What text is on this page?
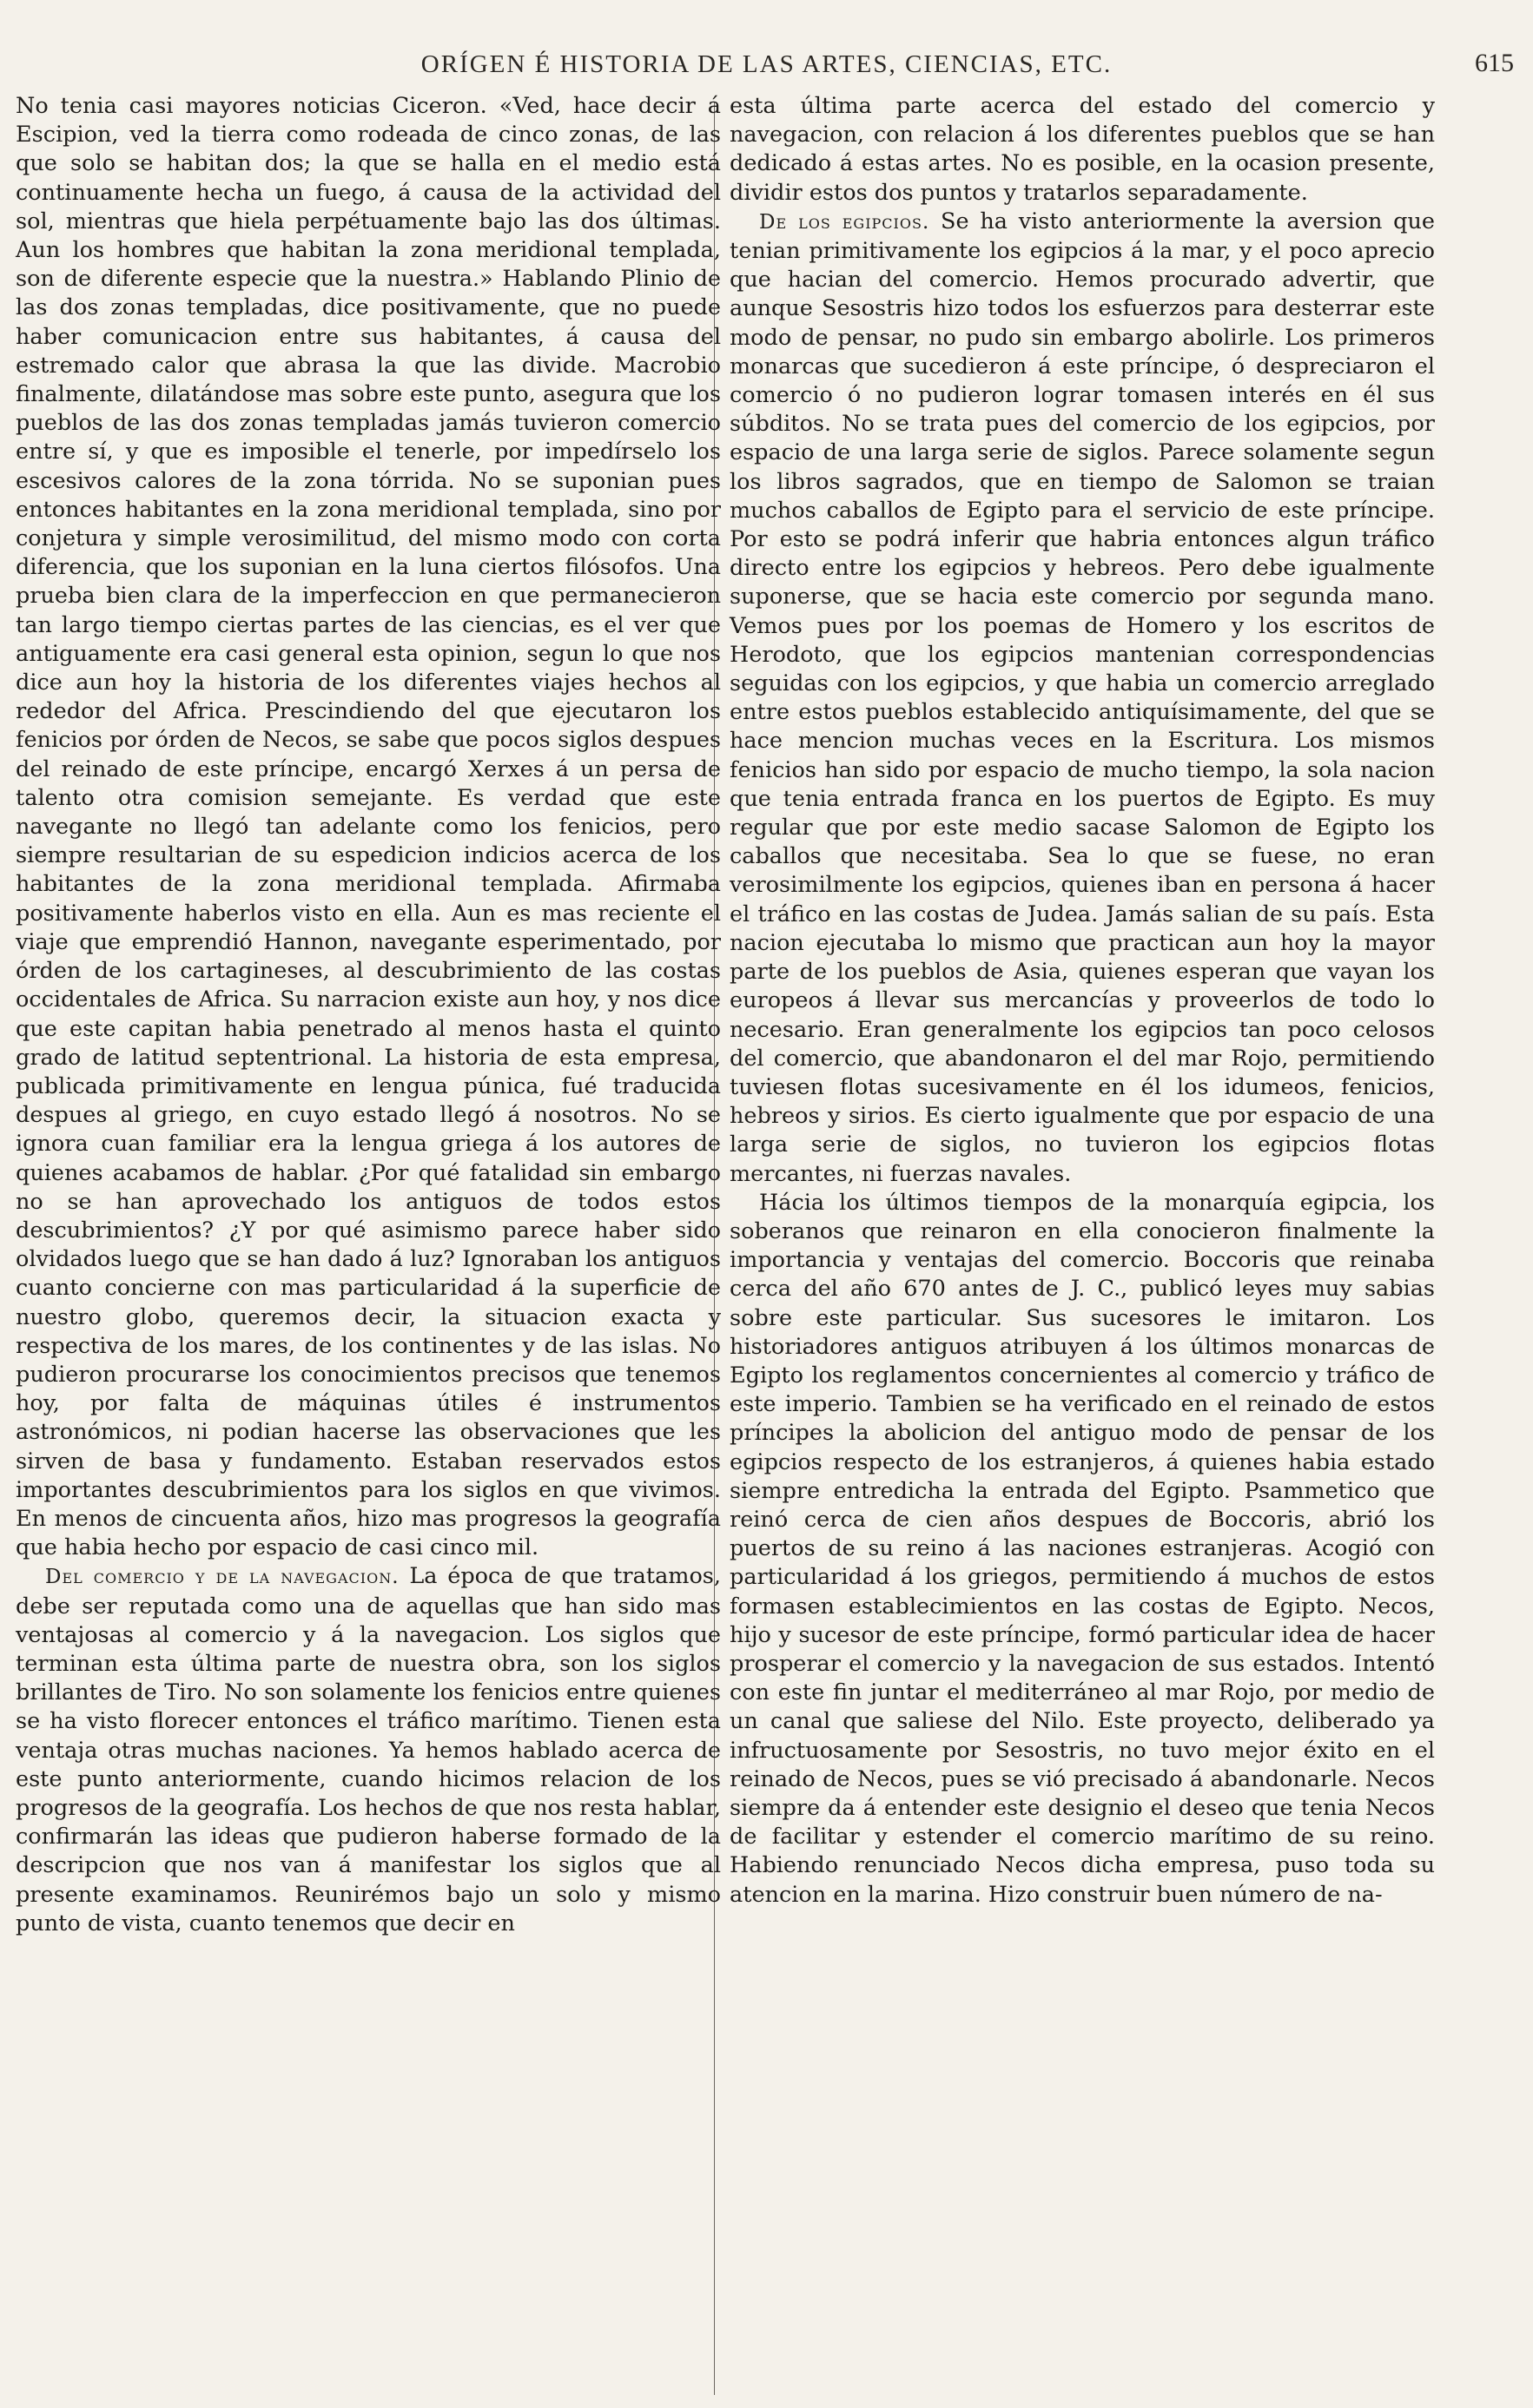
ORÍGEN É HISTORIA DE LAS ARTES, CIENCIAS, ETC.	615

No tenia casi mayores noticias Ciceron. «Ved, hace decir á Escipion, ved la tierra como rodeada de cinco zonas, de las que solo se habitan dos; la que se halla en el medio está continuamente hecha un fuego, á causa de la actividad del sol, mientras que hiela perpétuamente bajo las dos últimas. Aun los hombres que habitan la zona meridional templada, son de diferente especie que la nuestra.» Hablando Plinio de las dos zonas templadas, dice positivamente, que no puede haber comunicacion entre sus habitantes, á causa del estremado calor que abrasa la que las divide. Macrobio finalmente, dilatándose mas sobre este punto, asegura que los pueblos de las dos zonas templadas jamás tuvieron comercio entre sí, y que es imposible el tenerle, por impedírselo los escesivos calores de la zona tórrida. No se suponian pues entonces habitantes en la zona meridional templada, sino por conjetura y simple verosimilitud, del mismo modo con corta diferencia, que los suponian en la luna ciertos filósofos. Una prueba bien clara de la imperfeccion en que permanecieron tan largo tiempo ciertas partes de las ciencias, es el ver que antiguamente era casi general esta opinion, segun lo que nos dice aun hoy la historia de los diferentes viajes hechos al rededor del Africa. Prescindiendo del que ejecutaron los fenicios por órden de Necos, se sabe que pocos siglos despues del reinado de este príncipe, encargó Xerxes á un persa de talento otra comision semejante. Es verdad que este navegante no llegó tan adelante como los fenicios, pero siempre resultarian de su espedicion indicios acerca de los habitantes de la zona meridional templada. Afirmaba positivamente haberlos visto en ella. Aun es mas reciente el viaje que emprendió Hannon, navegante esperimentado, por órden de los cartagineses, al descubrimiento de las costas occidentales de Africa. Su narracion existe aun hoy, y nos dice que este capitan habia penetrado al menos hasta el quinto grado de latitud septentrional. La historia de esta empresa, publicada primitivamente en lengua púnica, fué traducida despues al griego, en cuyo estado llegó á nosotros. No se ignora cuan familiar era la lengua griega á los autores de quienes acabamos de hablar. ¿Por qué fatalidad sin embargo no se han aprovechado los antiguos de todos estos descubrimientos? ¿Y por qué asimismo parece haber sido olvidados luego que se han dado á luz? Ignoraban los antiguos cuanto concierne con mas particularidad á la superficie de nuestro globo, queremos decir, la situacion exacta y respectiva de los mares, de los continentes y de las islas. No pudieron procurarse los conocimientos precisos que tenemos hoy, por falta de máquinas útiles é instrumentos astronómicos, ni podian hacerse las observaciones que les sirven de basa y fundamento. Estaban reservados estos importantes descubrimientos para los siglos en que vivimos. En menos de cincuenta años, hizo mas progresos la geografía que habia hecho por espacio de casi cinco mil.

Del comercio y de la navegacion. La época de que tratamos, debe ser reputada como una de aquellas que han sido mas ventajosas al comercio y á la navegacion. Los siglos que terminan esta última parte de nuestra obra, son los siglos brillantes de Tiro. No son solamente los fenicios entre quienes se ha visto florecer entonces el tráfico marítimo. Tienen esta ventaja otras muchas naciones. Ya hemos hablado acerca de este punto anteriormente, cuando hicimos relacion de los progresos de la geografía. Los hechos de que nos resta hablar, confirmarán las ideas que pudieron haberse formado de la descripcion que nos van á manifestar los siglos que al presente examinamos. Reunirémos bajo un solo y mismo punto de vista, cuanto tenemos que decir en

esta última parte acerca del estado del comercio y navegacion, con relacion á los diferentes pueblos que se han dedicado á estas artes. No es posible, en la ocasion presente, dividir estos dos puntos y tratarlos separadamente.

De los egipcios. Se ha visto anteriormente la aversion que tenian primitivamente los egipcios á la mar, y el poco aprecio que hacian del comercio. Hemos procurado advertir, que aunque Sesostris hizo todos los esfuerzos para desterrar este modo de pensar, no pudo sin embargo abolirle. Los primeros monarcas que sucedieron á este príncipe, ó despreciaron el comercio ó no pudieron lograr tomasen interés en él sus súbditos. No se trata pues del comercio de los egipcios, por espacio de una larga serie de siglos. Parece solamente segun los libros sagrados, que en tiempo de Salomon se traian muchos caballos de Egipto para el servicio de este príncipe. Por esto se podrá inferir que habria entonces algun tráfico directo entre los egipcios y hebreos. Pero debe igualmente suponerse, que se hacia este comercio por segunda mano. Vemos pues por los poemas de Homero y los escritos de Herodoto, que los egipcios mantenian correspondencias seguidas con los egipcios, y que habia un comercio arreglado entre estos pueblos establecido antiquísimamente, del que se hace mencion muchas veces en la Escritura. Los mismos fenicios han sido por espacio de mucho tiempo, la sola nacion que tenia entrada franca en los puertos de Egipto. Es muy regular que por este medio sacase Salomon de Egipto los caballos que necesitaba. Sea lo que se fuese, no eran verosimilmente los egipcios, quienes iban en persona á hacer el tráfico en las costas de Judea. Jamás salian de su país. Esta nacion ejecutaba lo mismo que practican aun hoy la mayor parte de los pueblos de Asia, quienes esperan que vayan los europeos á llevar sus mercancías y proveerlos de todo lo necesario. Eran generalmente los egipcios tan poco celosos del comercio, que abandonaron el del mar Rojo, permitiendo tuviesen flotas sucesivamente en él los idumeos, fenicios, hebreos y sirios. Es cierto igualmente que por espacio de una larga serie de siglos, no tuvieron los egipcios flotas mercantes, ni fuerzas navales.

Hácia los últimos tiempos de la monarquía egipcia, los soberanos que reinaron en ella conocieron finalmente la importancia y ventajas del comercio. Boccoris que reinaba cerca del año 670 antes de J. C., publicó leyes muy sabias sobre este particular. Sus sucesores le imitaron. Los historiadores antiguos atribuyen á los últimos monarcas de Egipto los reglamentos concernientes al comercio y tráfico de este imperio. Tambien se ha verificado en el reinado de estos príncipes la abolicion del antiguo modo de pensar de los egipcios respecto de los estranjeros, á quienes habia estado siempre entredicha la entrada del Egipto. Psammetico que reinó cerca de cien años despues de Boccoris, abrió los puertos de su reino á las naciones estranjeras. Acogió con particularidad á los griegos, permitiendo á muchos de estos formasen establecimientos en las costas de Egipto. Necos, hijo y sucesor de este príncipe, formó particular idea de hacer prosperar el comercio y la navegacion de sus estados. Intentó con este fin juntar el mediterráneo al mar Rojo, por medio de un canal que saliese del Nilo. Este proyecto, deliberado ya infructuosamente por Sesostris, no tuvo mejor éxito en el reinado de Necos, pues se vió precisado á abandonarle. Necos siempre da á entender este designio el deseo que tenia Necos de facilitar y estender el comercio marítimo de su reino. Habiendo renunciado Necos dicha empresa, puso toda su atencion en la marina. Hizo construir buen número de na-
